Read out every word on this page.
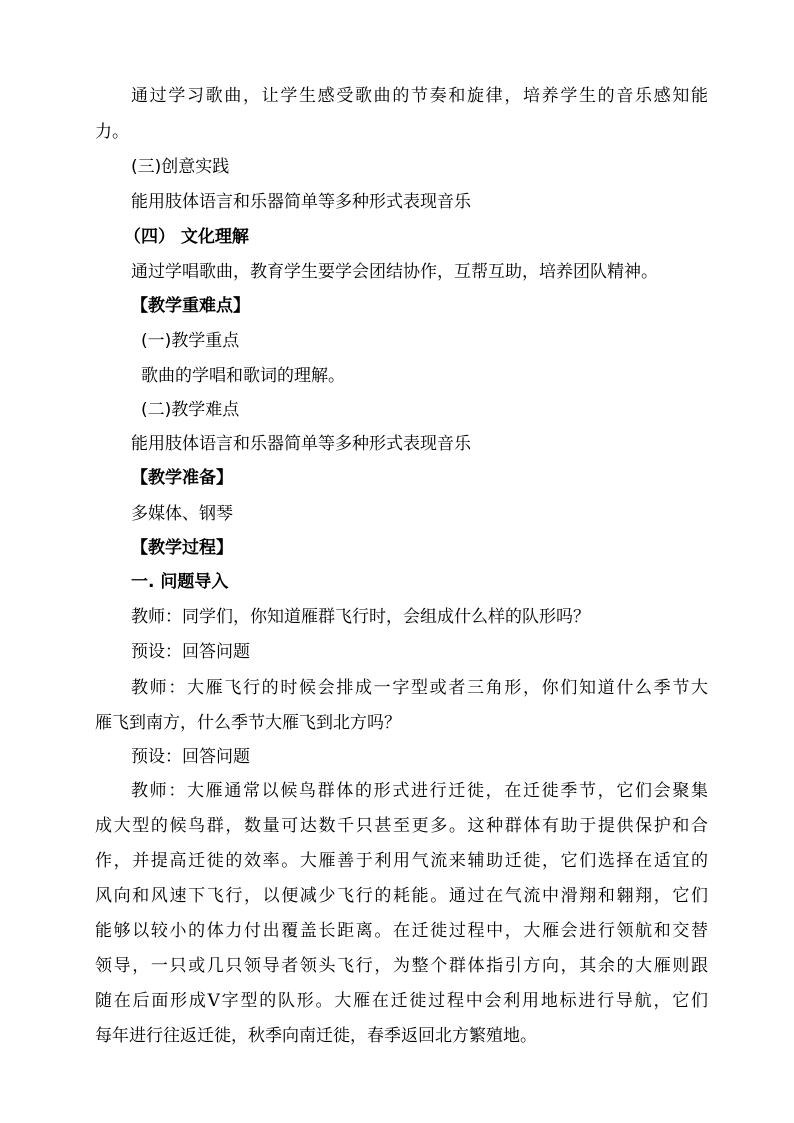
通过学习歌曲，让学生感受歌曲的节奏和旋律，培养学生的音乐感知能
力。
(三)创意实践
能用肢体语言和乐器简单等多种形式表现音乐
（四） 文化理解
通过学唱歌曲，教育学生要学会团结协作，互帮互助，培养团队精神。
【教学重难点】
(一)教学重点
歌曲的学唱和歌词的理解。
(二)教学难点
能用肢体语言和乐器简单等多种形式表现音乐
【教学准备】
多媒体、钢琴
【教学过程】
一. 问题导入
教师：同学们，你知道雁群飞行时，会组成什么样的队形吗？
预设：回答问题
教师：大雁飞行的时候会排成一字型或者三角形，你们知道什么季节大
雁飞到南方，什么季节大雁飞到北方吗？
预设：回答问题
教师：大雁通常以候鸟群体的形式进行迁徙，在迁徙季节，它们会聚集
成大型的候鸟群，数量可达数千只甚至更多。这种群体有助于提供保护和合
作，并提高迁徙的效率。大雁善于利用气流来辅助迁徙，它们选择在适宜的
风向和风速下飞行，以便减少飞行的耗能。通过在气流中滑翔和翱翔，它们
能够以较小的体力付出覆盖长距离。在迁徙过程中，大雁会进行领航和交替
领导，一只或几只领导者领头飞行，为整个群体指引方向，其余的大雁则跟
随在后面形成V字型的队形。大雁在迁徙过程中会利用地标进行导航，它们
每年进行往返迁徙，秋季向南迁徙，春季返回北方繁殖地。
